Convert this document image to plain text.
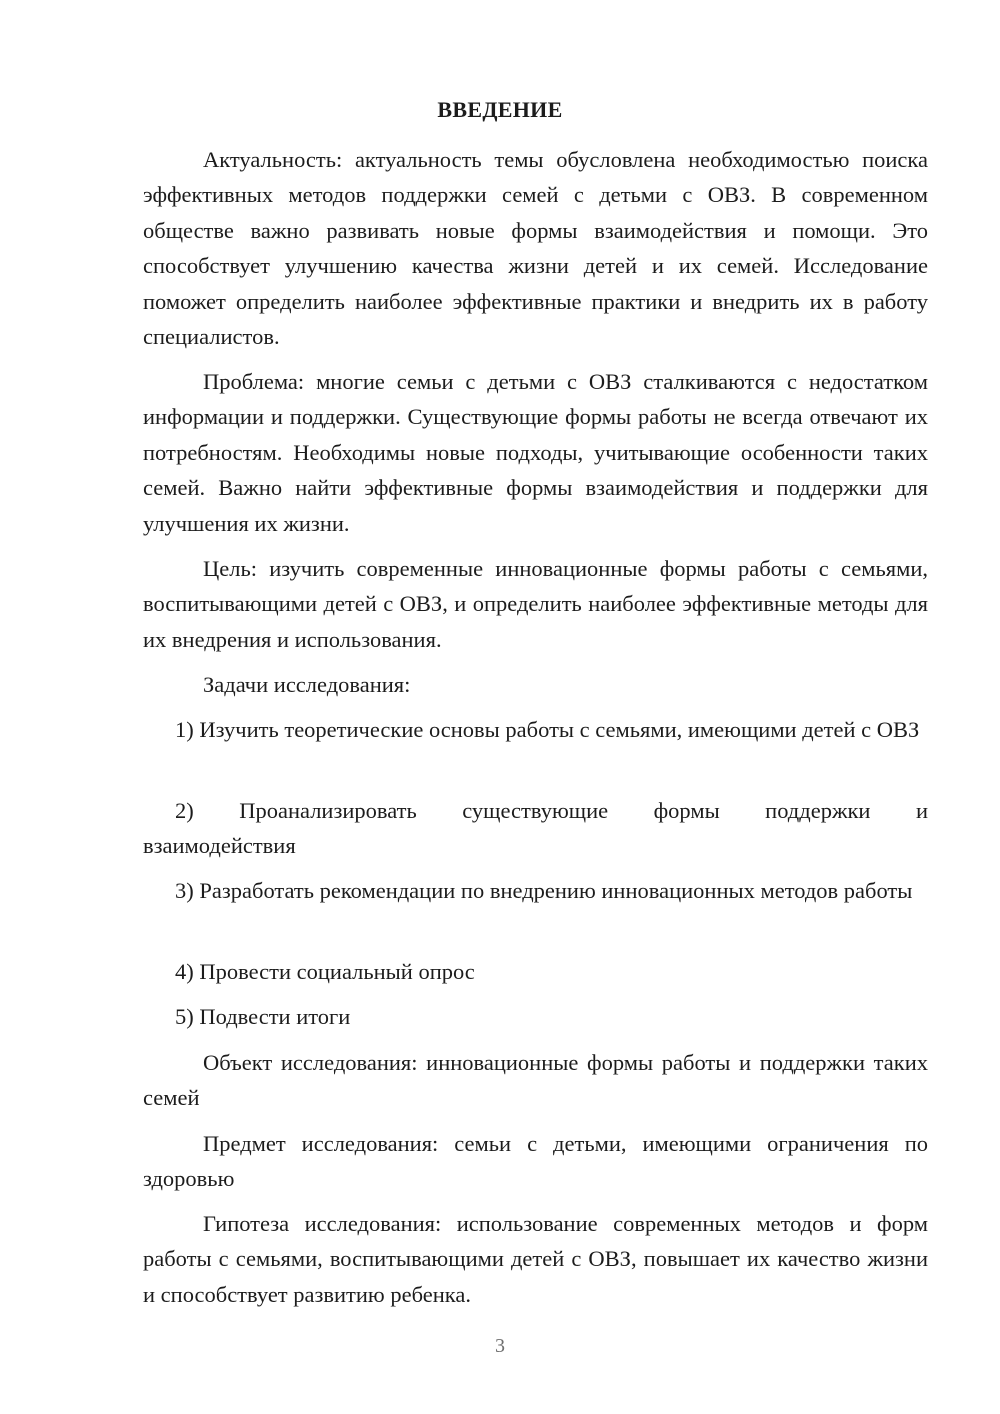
ВВЕДЕНИЕ

Актуальность: актуальность темы обусловлена необходимостью поиска эффективных методов поддержки семей с детьми с ОВЗ. В современном обществе важно развивать новые формы взаимодействия и помощи. Это способствует улучшению качества жизни детей и их семей. Исследование поможет определить наиболее эффективные практики и внедрить их в работу специалистов.

Проблема: многие семьи с детьми с ОВЗ сталкиваются с недостатком информации и поддержки. Существующие формы работы не всегда отвечают их потребностям. Необходимы новые подходы, учитывающие особенности таких семей. Важно найти эффективные формы взаимодействия и поддержки для улучшения их жизни.

Цель: изучить современные инновационные формы работы с семьями, воспитывающими детей с ОВЗ, и определить наиболее эффективные методы для их внедрения и использования.

Задачи исследования:

1) Изучить теоретические основы работы с семьями, имеющими детей с ОВЗ

2) Проанализировать существующие формы поддержки и
взаимодействия

3) Разработать рекомендации по внедрению инновационных методов работы

4) Провести социальный опрос

5) Подвести итоги

Объект исследования: инновационные формы работы и поддержки таких семей

Предмет исследования: семьи с детьми, имеющими ограничения по здоровью

Гипотеза исследования: использование современных методов и форм работы с семьями, воспитывающими детей с ОВЗ, повышает их качество жизни и способствует развитию ребенка.

3
